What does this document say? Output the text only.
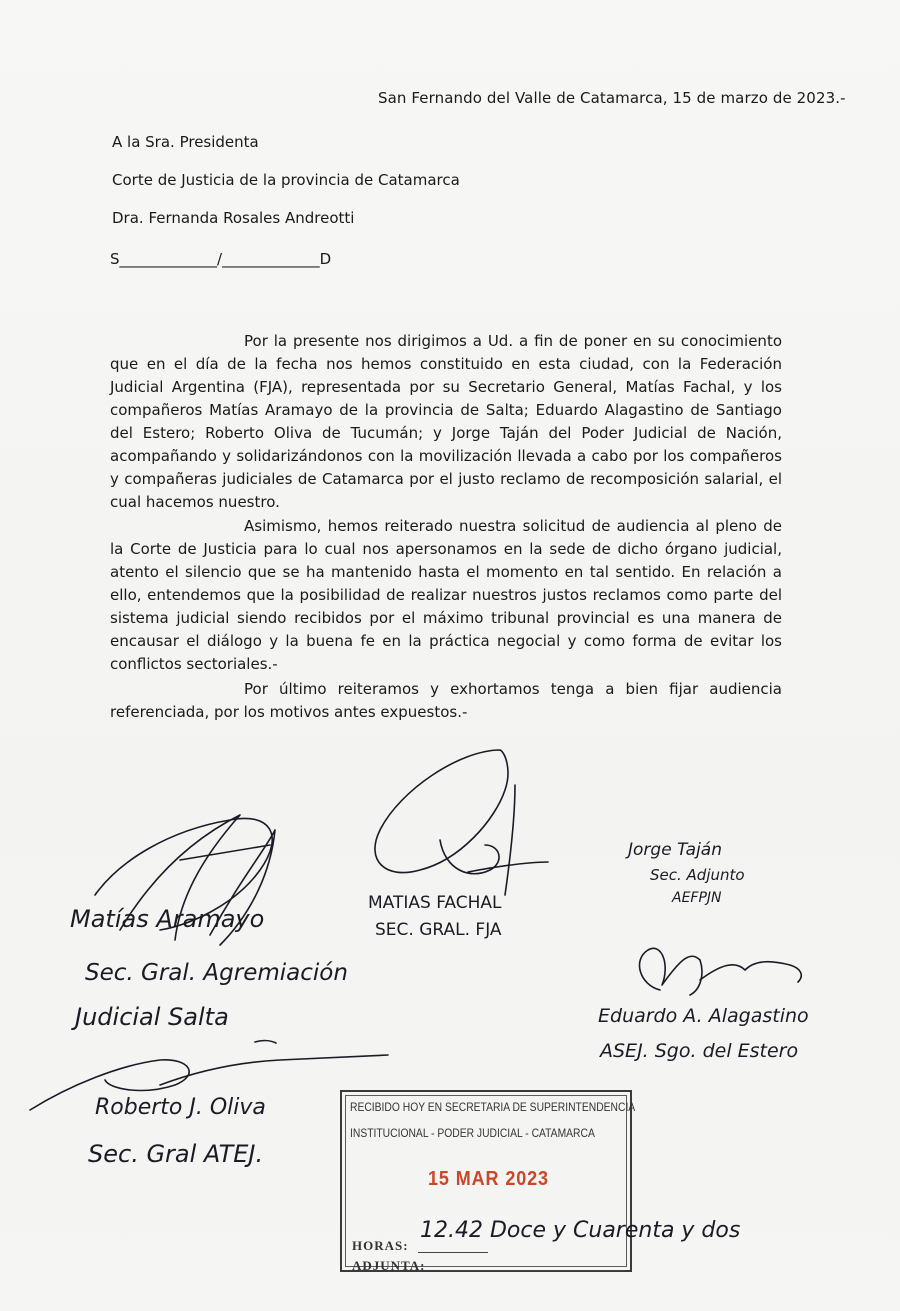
San Fernando del Valle de Catamarca, 15 de marzo de 2023.-
A la Sra. Presidenta
Corte de Justicia de la provincia de Catamarca
Dra. Fernanda Rosales Andreotti
S_____________/_____________D

Por la presente nos dirigimos a Ud. a fin de poner en su conocimiento que en el día de la fecha nos hemos constituido en esta ciudad, con la Federación Judicial Argentina (FJA), representada por su Secretario General, Matías Fachal, y los compañeros Matías Aramayo de la provincia de Salta; Eduardo Alagastino de Santiago del Estero; Roberto Oliva de Tucumán; y Jorge Taján del Poder Judicial de Nación, acompañando y solidarizándonos con la movilización llevada a cabo por los compañeros y compañeras judiciales de Catamarca por el justo reclamo de recomposición salarial, el cual hacemos nuestro.

Asimismo, hemos reiterado nuestra solicitud de audiencia al pleno de la Corte de Justicia para lo cual nos apersonamos en la sede de dicho órgano judicial, atento el silencio que se ha mantenido hasta el momento en tal sentido. En relación a ello, entendemos que la posibilidad de realizar nuestros justos reclamos como parte del sistema judicial siendo recibidos por el máximo tribunal provincial es una manera de encausar el diálogo y la buena fe en la práctica negocial y como forma de evitar los conflictos sectoriales.-

Por último reiteramos y exhortamos tenga a bien fijar audiencia referenciada, por los motivos antes expuestos.-

Matías Aramayo
Sec. Gral. Agremiación
Judicial Salta
MATIAS FACHAL
SEC. GRAL. FJA
Jorge Taján
Sec. Adjunto
AEFPJN
Eduardo A. Alagastino
ASEJ. Sgo. del Estero
Roberto J. Oliva
Sec. Gral ATEJ.
RECIBIDO HOY EN SECRETARIA DE SUPERINTENDENCIA
INSTITUCIONAL - PODER JUDICIAL - CATAMARCA
15 MAR 2023
HORAS:
ADJUNTA:
12.42 Doce y Cuarenta y dos
